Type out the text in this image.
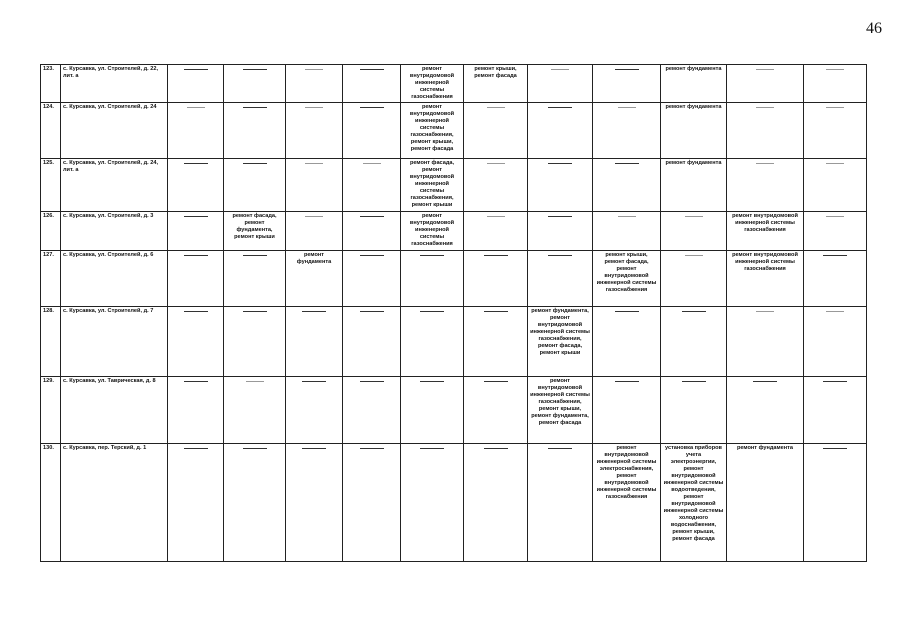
46
123.	с. Курсавка, ул. Строителей, д. 22, лит. а					ремонт внутридомовой инженерной системы газоснабжения	ремонт крыши, ремонт фасада			ремонт фундамента	

124.	с. Курсавка, ул. Строителей, д. 24					ремонт внутридомовой инженерной системы газоснабжения, ремонт крыши, ремонт фасада				ремонт фундамента	

125.	с. Курсавка, ул. Строителей, д. 24, лит. а					ремонт фасада, ремонт внутридомовой инженерной системы газоснабжения, ремонт крыши				ремонт фундамента	

126.	с. Курсавка, ул. Строителей, д. 3		ремонт фасада, ремонт фундамента, ремонт крыши			ремонт внутридомовой инженерной системы газоснабжения					ремонт внутридомовой инженерной системы газоснабжения	

127.	с. Курсавка, ул. Строителей, д. 6			ремонт фундамента					ремонт крыши, ремонт фасада, ремонт внутридомовой инженерной системы газоснабжения		ремонт внутридомовой инженерной системы газоснабжения	

128.	с. Курсавка, ул. Строителей, д. 7							ремонт фундамента, ремонт внутридомовой инженерной системы газоснабжения, ремонт фасада, ремонт крыши	

129.	с. Курсавка, ул. Таврическая, д. 8							ремонт внутридомовой инженерной системы газоснабжения, ремонт крыши, ремонт фундамента, ремонт фасада	

130.	с. Курсавка, пер. Терский, д. 1								ремонт внутридомовой инженерной системы электроснабжения, ремонт внутридомовой инженерной системы газоснабжения	установка приборов учета электроэнергии, ремонт внутридомовой инженерной системы водоотведения, ремонт внутридомовой инженерной системы холодного водоснабжения, ремонт крыши, ремонт фасада	ремонт фундамента	
